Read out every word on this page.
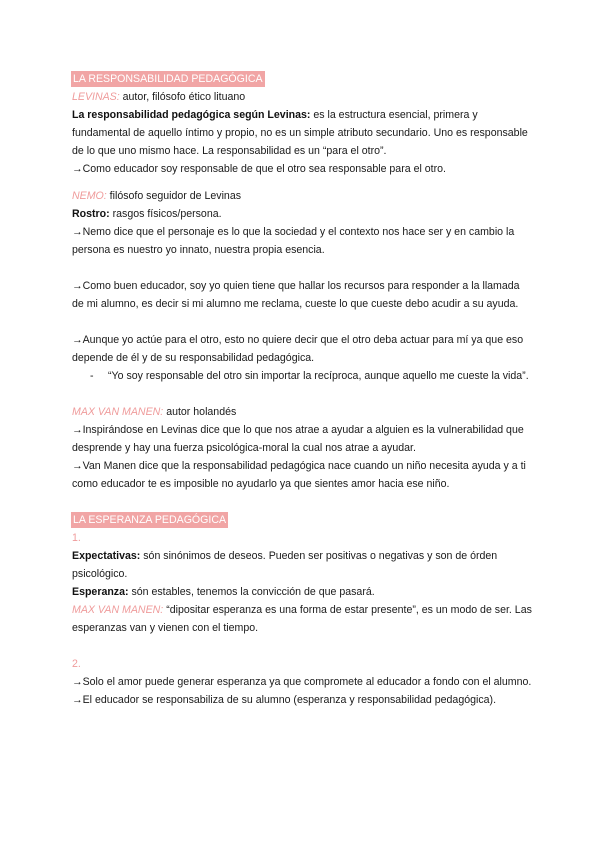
LA RESPONSABILIDAD PEDAGÓGICA

LEVINAS: autor, filósofo ético lituano

La responsabilidad pedagógica según Levinas: es la estructura esencial, primera y fundamental de aquello íntimo y propio, no es un simple atributo secundario. Uno es responsable de lo que uno mismo hace. La responsabilidad es un “para el otro”.

→Como educador soy responsable de que el otro sea responsable para el otro.

NEMO: filósofo seguidor de Levinas

Rostro: rasgos físicos/persona.

→Nemo dice que el personaje es lo que la sociedad y el contexto nos hace ser y en cambio la persona es nuestro yo innato, nuestra propia esencia.

→Como buen educador, soy yo quien tiene que hallar los recursos para responder a la llamada de mi alumno, es decir si mi alumno me reclama, cueste lo que cueste debo acudir a su ayuda.

→Aunque yo actúe para el otro, esto no quiere decir que el otro deba actuar para mí ya que eso depende de él y de su responsabilidad pedagógica.

- “Yo soy responsable del otro sin importar la recíproca, aunque aquello me cueste la vida”.

MAX VAN MANEN: autor holandés

→Inspirándose en Levinas dice que lo que nos atrae a ayudar a alguien es la vulnerabilidad que desprende y hay una fuerza psicológica-moral la cual nos atrae a ayudar.

→Van Manen dice que la responsabilidad pedagógica nace cuando un niño necesita ayuda y a ti como educador te es imposible no ayudarlo ya que sientes amor hacia ese niño.

LA ESPERANZA PEDAGÓGICA

1.

Expectativas: són sinónimos de deseos. Pueden ser positivas o negativas y son de órden psicológico.

Esperanza: són estables, tenemos la convicción de que pasará.

MAX VAN MANEN: “dipositar esperanza es una forma de estar presente”, es un modo de ser. Las esperanzas van y vienen con el tiempo.

2.

→Solo el amor puede generar esperanza ya que compromete al educador a fondo con el alumno.

→El educador se responsabiliza de su alumno (esperanza y responsabilidad pedagógica).
